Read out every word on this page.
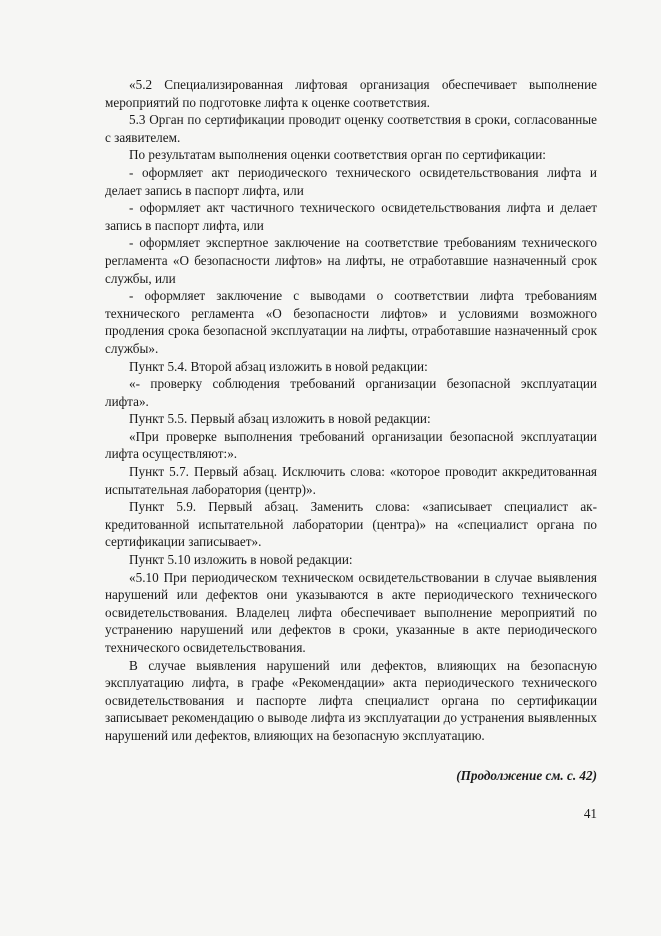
«5.2 Специализированная лифтовая организация обеспечивает выполнение мероприятий по подготовке лифта к оценке соответствия.

5.3 Орган по сертификации проводит оценку соответствия в сроки, согласованные с заявителем.

По результатам выполнения оценки соответствия орган по сертификации:

- оформляет акт периодического технического освидетельствования лифта и делает запись в паспорт лифта, или

- оформляет акт частичного технического освидетельствования лифта и делает запись в паспорт лифта, или

- оформляет экспертное заключение на соответствие требованиям технического регламента «О безопасности лифтов» на лифты, не отработавшие назначенный срок службы, или

- оформляет заключение с выводами о соответствии лифта требованиям технического регламента «О безопасности лифтов» и условиями возможного продления срока безопасной эксплуатации на лифты, отработавшие назначенный срок службы».

Пункт 5.4. Второй абзац изложить в новой редакции:

«- проверку соблюдения требований организации безопасной эксплуатации лифта».

Пункт 5.5. Первый абзац изложить в новой редакции:

«При проверке выполнения требований организации безопасной эксплуатации лифта осуществляют:».

Пункт 5.7. Первый абзац. Исключить слова: «которое проводит аккредитованная испытательная лаборатория (центр)».

Пункт 5.9. Первый абзац. Заменить слова: «записывает специалист аккредитованной испытательной лаборатории (центра)» на «специалист органа по сертификации записывает».

Пункт 5.10 изложить в новой редакции:

«5.10 При периодическом техническом освидетельствовании в случае выявления нарушений или дефектов они указываются в акте периодического технического освидетельствования. Владелец лифта обеспечивает выполнение мероприятий по устранению нарушений или дефектов в сроки, указанные в акте периодического технического освидетельствования.

В случае выявления нарушений или дефектов, влияющих на безопасную эксплуатацию лифта, в графе «Рекомендации» акта периодического технического освидетельствования и паспорте лифта специалист органа по сертификации записывает рекомендацию о выводе лифта из эксплуатации до устранения выявленных нарушений или дефектов, влияющих на безопасную эксплуатацию.

(Продолжение см. с. 42)
41
